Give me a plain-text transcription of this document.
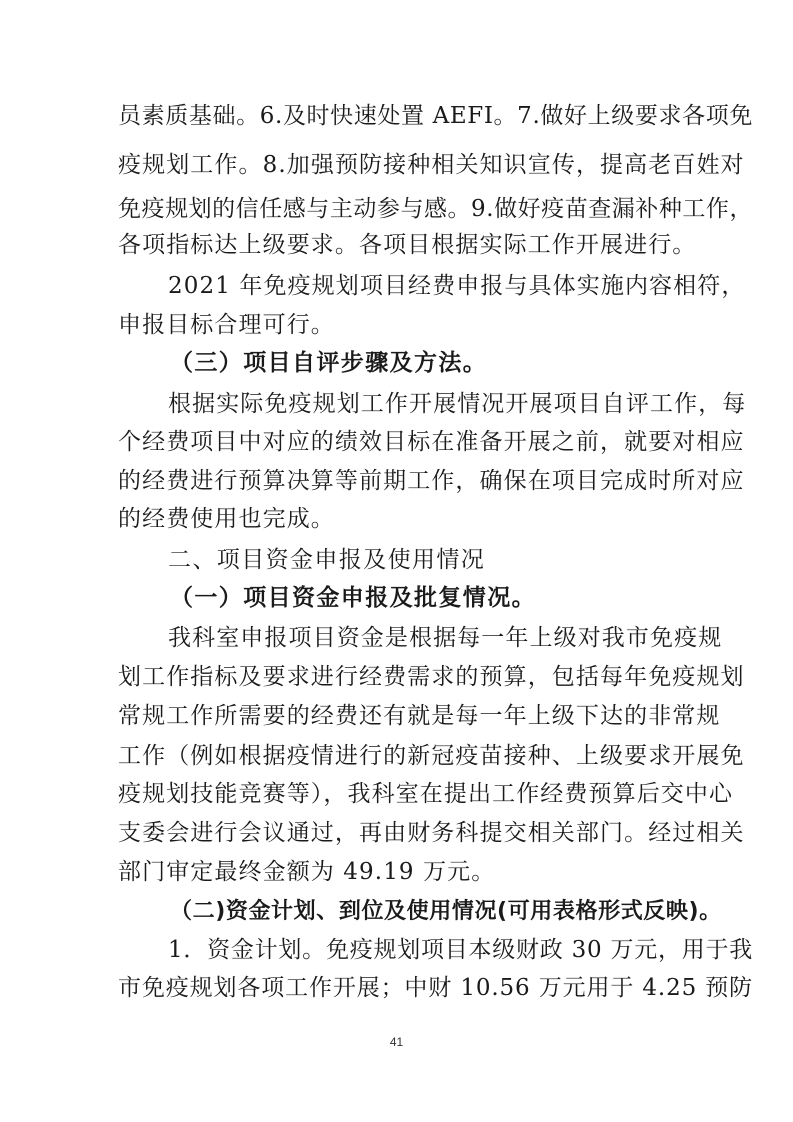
员素质基础。6.及时快速处置 AEFI。7.做好上级要求各项免
疫规划工作。8.加强预防接种相关知识宣传，提高老百姓对
免疫规划的信任感与主动参与感。9.做好疫苗查漏补种工作，
各项指标达上级要求。各项目根据实际工作开展进行。
2021 年免疫规划项目经费申报与具体实施内容相符，
申报目标合理可行。
（三）项目自评步骤及方法。
根据实际免疫规划工作开展情况开展项目自评工作，每
个经费项目中对应的绩效目标在准备开展之前，就要对相应
的经费进行预算决算等前期工作，确保在项目完成时所对应
的经费使用也完成。
二、项目资金申报及使用情况
（一）项目资金申报及批复情况。
我科室申报项目资金是根据每一年上级对我市免疫规
划工作指标及要求进行经费需求的预算，包括每年免疫规划
常规工作所需要的经费还有就是每一年上级下达的非常规
工作（例如根据疫情进行的新冠疫苗接种、上级要求开展免
疫规划技能竞赛等），我科室在提出工作经费预算后交中心
支委会进行会议通过，再由财务科提交相关部门。经过相关
部门审定最终金额为 49.19 万元。
（二)资金计划、到位及使用情况(可用表格形式反映)。
1．资金计划。免疫规划项目本级财政 30 万元，用于我
市免疫规划各项工作开展；中财 10.56 万元用于 4.25 预防
41
